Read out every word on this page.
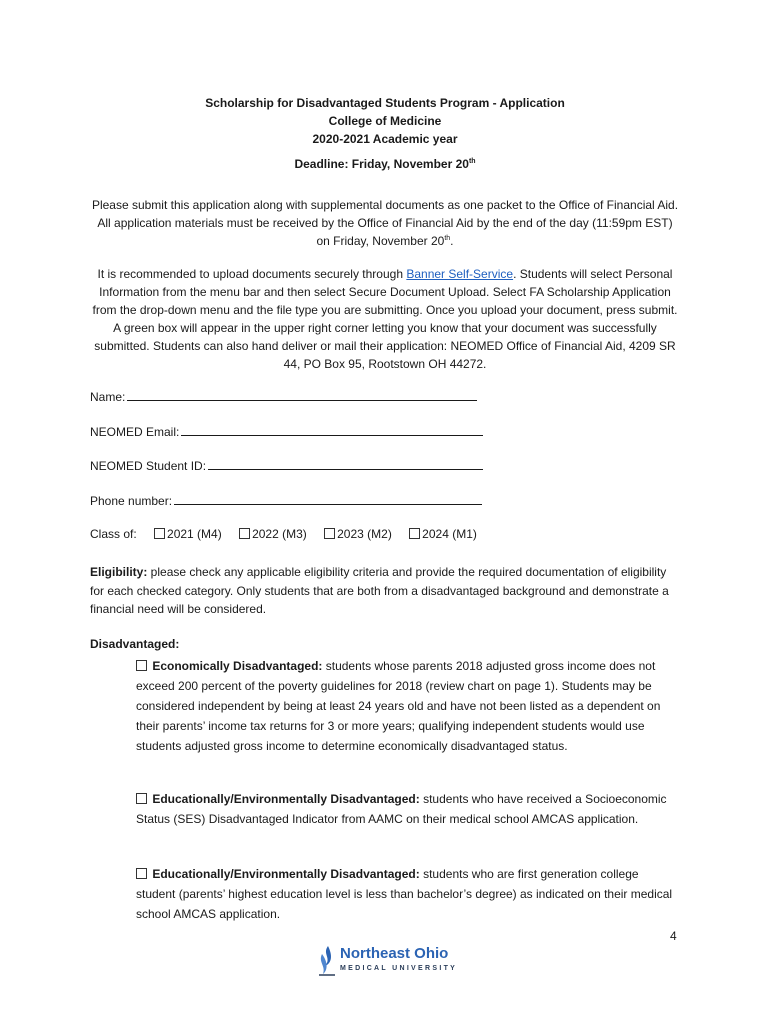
Scholarship for Disadvantaged Students Program - Application
College of Medicine
2020-2021 Academic year
Deadline: Friday, November 20th
Please submit this application along with supplemental documents as one packet to the Office of Financial Aid. All application materials must be received by the Office of Financial Aid by the end of the day (11:59pm EST) on Friday, November 20th.
It is recommended to upload documents securely through Banner Self-Service. Students will select Personal Information from the menu bar and then select Secure Document Upload. Select FA Scholarship Application from the drop-down menu and the file type you are submitting. Once you upload your document, press submit. A green box will appear in the upper right corner letting you know that your document was successfully submitted. Students can also hand deliver or mail their application: NEOMED Office of Financial Aid, 4209 SR 44, PO Box 95, Rootstown OH 44272.
Name:
NEOMED Email:
NEOMED Student ID:
Phone number:
Class of:	2021 (M4)	2022 (M3)	2023 (M2)	2024 (M1)
Eligibility: please check any applicable eligibility criteria and provide the required documentation of eligibility for each checked category. Only students that are both from a disadvantaged background and demonstrate a financial need will be considered.
Disadvantaged:
Economically Disadvantaged: students whose parents 2018 adjusted gross income does not exceed 200 percent of the poverty guidelines for 2018 (review chart on page 1). Students may be considered independent by being at least 24 years old and have not been listed as a dependent on their parents’ income tax returns for 3 or more years; qualifying independent students would use students adjusted gross income to determine economically disadvantaged status.
Educationally/Environmentally Disadvantaged: students who have received a Socioeconomic Status (SES) Disadvantaged Indicator from AAMC on their medical school AMCAS application.
Educationally/Environmentally Disadvantaged: students who are first generation college student (parents’ highest education level is less than bachelor’s degree) as indicated on their medical school AMCAS application.
4
Northeast Ohio
MEDICAL UNIVERSITY
